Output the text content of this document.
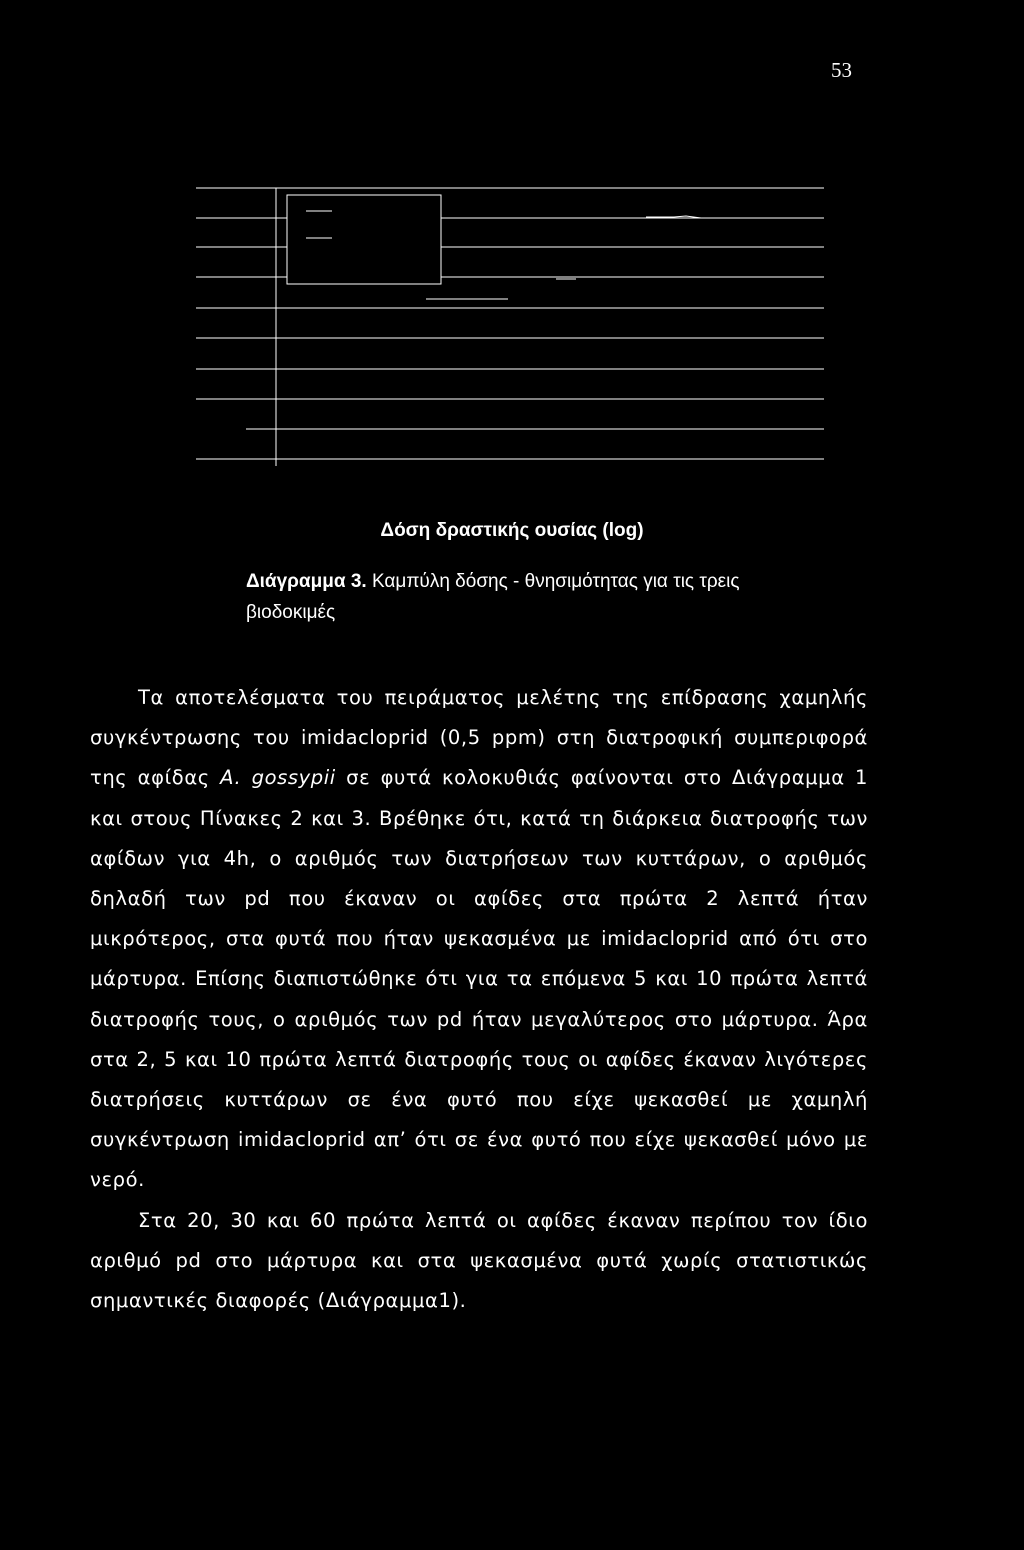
53
Δόση δραστικής ουσίας (log)
Διάγραμμα 3. Καμπύλη δόσης - θνησιμότητας για τις τρεις βιοδοκιμές

Τα αποτελέσματα του πειράματος μελέτης της επίδρασης χαμηλής συγκέντρωσης του imidacloprid (0,5 ppm) στη διατροφική συμπεριφορά της αφίδας A. gossypii σε φυτά κολοκυθιάς φαίνονται στο Διάγραμμα 1 και στους Πίνακες 2 και 3. Βρέθηκε ότι, κατά τη διάρκεια διατροφής των αφίδων για 4h, ο αριθμός των διατρήσεων των κυττάρων, ο αριθμός δηλαδή των pd που έκαναν οι αφίδες στα πρώτα 2 λεπτά ήταν μικρότερος, στα φυτά που ήταν ψεκασμένα με imidacloprid από ότι στο μάρτυρα. Επίσης διαπιστώθηκε ότι για τα επόμενα 5 και 10 πρώτα λεπτά διατροφής τους, ο αριθμός των pd ήταν μεγαλύτερος στο μάρτυρα. Άρα στα 2, 5 και 10 πρώτα λεπτά διατροφής τους οι αφίδες έκαναν λιγότερες διατρήσεις κυττάρων σε ένα φυτό που είχε ψεκασθεί με χαμηλή συγκέντρωση imidacloprid απ’ ότι σε ένα φυτό που είχε ψεκασθεί μόνο με νερό.

Στα 20, 30 και 60 πρώτα λεπτά οι αφίδες έκαναν περίπου τον ίδιο αριθμό pd στο μάρτυρα και στα ψεκασμένα φυτά χωρίς στατιστικώς σημαντικές διαφορές (Διάγραμμα1).
